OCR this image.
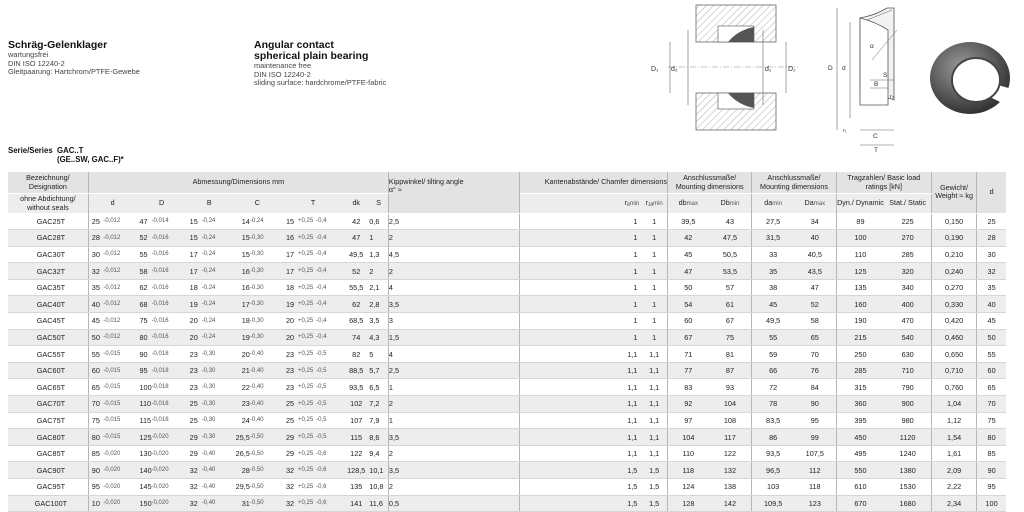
Schräg-Gelenklager
wartungsfrei
DIN ISO 12240-2
Gleitpaarung: Hartchrom/PTFE-Gewebe
Angular contact
spherical plain bearing
maintenance free
DIN ISO 12240-2
sliding surface: hardchrome/PTFE-fabric
Serie/Series GAC..T
(GE..SW, GAC..F)*
D₁ d₂	d₁ D₂	D d
S
B
r₂
C
T
r₁
α
Bezeichnung/ Designation	Abmessung/Dimensions mm													Kippwinkel/ tilting angle
α° ≈	Kantenabstände/ Chamfer dimensions		Anschlussmaße/ Mounting dimensions		Anschlussmaße/ Mounting dimensions		Tragzahlen/ Basic load ratings [kN]		Gewicht/ Weight ≈ kg	d
ohne Abdichtung/ without seals	d		D		B		C		T			dk	S		rₐmin	r₁ₐmin	dbmax	Dbmin	damin	Damax	Dyn./ Dynamic	Stat./ Static		
GAC25T	25	-0,012	47	-0,014	15	-0,24	14	-0,24	15	+0,25	-0,4	42	0,6	2,5	1	1	39,5	43	27,5	34	89	225	0,150	25
GAC28T	28	-0,012	52	-0,016	15	-0,24	15	-0,30	16	+0,25	-0,4	47	1	2	1	1	42	47,5	31,5	40	100	270	0,190	28
GAC30T	30	-0,012	55	-0,016	17	-0,24	15	-0,30	17	+0,25	-0,4	49,5	1,3	4,5	1	1	45	50,5	33	40,5	110	285	0,210	30
GAC32T	32	-0,012	58	-0,016	17	-0,24	16	-0,30	17	+0,25	-0,4	52	2	2	1	1	47	53,5	35	43,5	125	320	0,240	32
GAC35T	35	-0,012	62	-0,016	18	-0,24	16	-0,30	18	+0,25	-0,4	55,5	2,1	4	1	1	50	57	38	47	135	340	0,270	35
GAC40T	40	-0,012	68	-0,016	19	-0,24	17	-0,30	19	+0,25	-0,4	62	2,8	3,5	1	1	54	61	45	52	160	400	0,330	40
GAC45T	45	-0,012	75	-0,016	20	-0,24	18	-0,30	20	+0,25	-0,4	68,5	3,5	3	1	1	60	67	49,5	58	190	470	0,420	45
GAC50T	50	-0,012	80	-0,016	20	-0,24	19	-0,30	20	+0,25	-0,4	74	4,3	1,5	1	1	67	75	55	65	215	540	0,460	50
GAC55T	55	-0,015	90	-0,018	23	-0,30	20	-0,40	23	+0,25	-0,5	82	5	4	1,1	1,1	71	81	59	70	250	630	0,650	55
GAC60T	60	-0,015	95	-0,018	23	-0,30	21	-0,40	23	+0,25	-0,5	88,5	5,7	2,5	1,1	1,1	77	87	66	76	285	710	0,710	60
GAC65T	65	-0,015	100	-0,018	23	-0,30	22	-0,40	23	+0,25	-0,5	93,5	6,5	1	1,1	1,1	83	93	72	84	315	790	0,760	65
GAC70T	70	-0,015	110	-0,018	25	-0,30	23	-0,40	25	+0,25	-0,5	102	7,2	2	1,1	1,1	92	104	78	90	360	900	1,04	70
GAC75T	75	-0,015	115	-0,018	25	-0,30	24	-0,40	25	+0,25	-0,5	107	7,9	1	1,1	1,1	97	108	83,5	95	395	980	1,12	75
GAC80T	80	-0,015	125	-0,020	29	-0,30	25,5	-0,50	29	+0,25	-0,5	115	8,6	3,5	1,1	1,1	104	117	86	99	450	1120	1,54	80
GAC85T	85	-0,020	130	-0,020	29	-0,40	26,5	-0,50	29	+0,25	-0,6	122	9,4	2	1,1	1,1	110	122	93,5	107,5	495	1240	1,61	85
GAC90T	90	-0,020	140	-0,020	32	-0,40	28	-0,50	32	+0,25	-0,6	128,5	10,1	3,5	1,5	1,5	118	132	96,5	112	550	1380	2,09	90
GAC95T	95	-0,020	145	-0,020	32	-0,40	29,5	-0,50	32	+0,25	-0,6	135	10,8	2	1,5	1,5	124	138	103	118	610	1530	2,22	95
GAC100T	10	-0,020	150	-0,020	32	-0,40	31	-0,50	32	+0,25	-0,6	141	11,6	0,5	1,5	1,5	128	142	109,5	123	670	1680	2,34	100
